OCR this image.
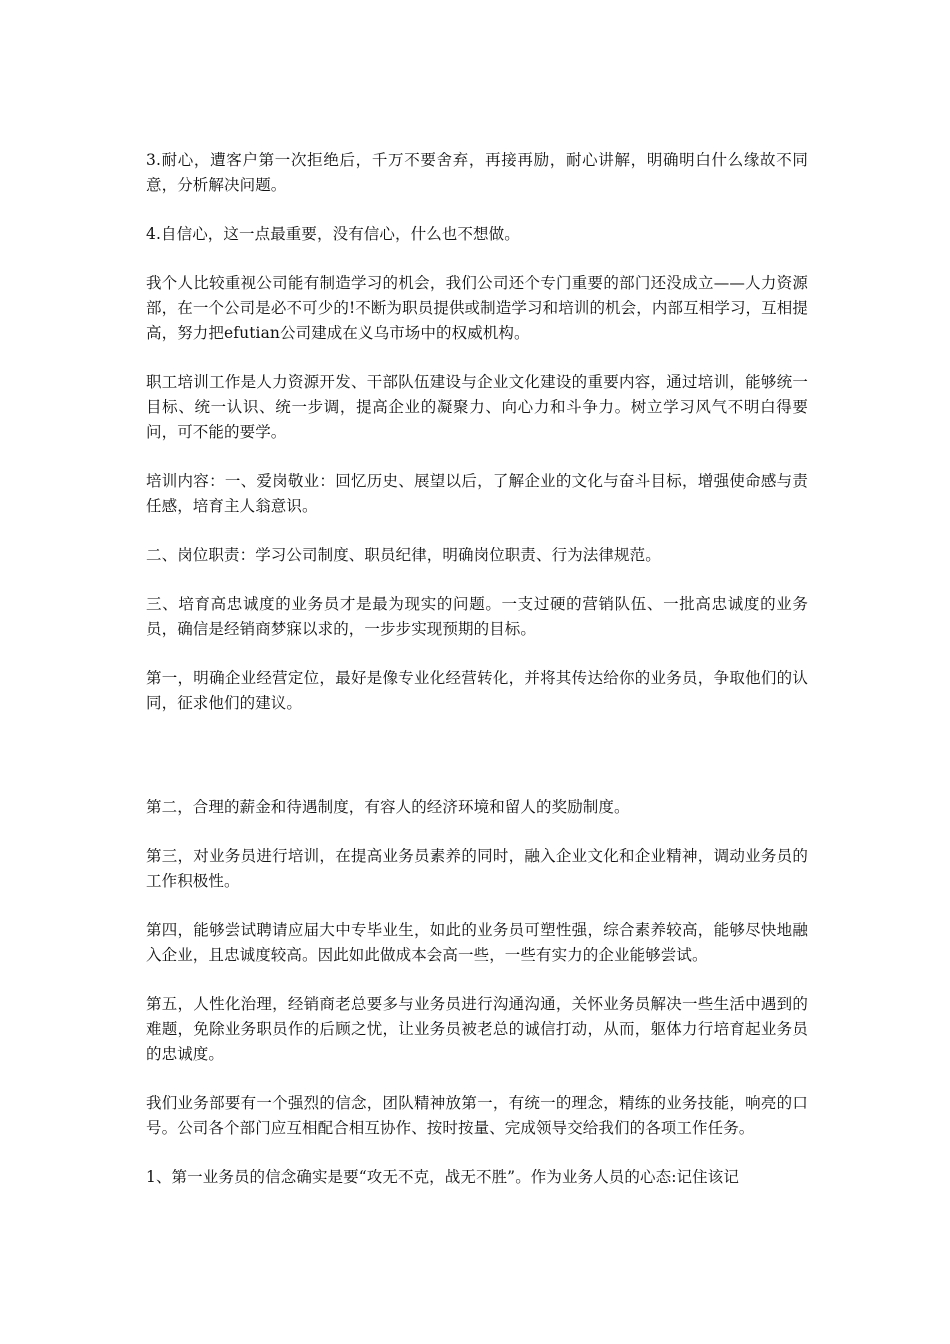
3.耐心，遭客户第一次拒绝后，千万不要舍弃，再接再励，耐心讲解，明确明白什么缘故不同意，分析解决问题。

4.自信心，这一点最重要，没有信心，什么也不想做。

我个人比较重视公司能有制造学习的机会，我们公司还个专门重要的部门还没成立——人力资源部，在一个公司是必不可少的!不断为职员提供或制造学习和培训的机会，内部互相学习，互相提高，努力把efutian公司建成在义乌市场中的权威机构。

职工培训工作是人力资源开发、干部队伍建设与企业文化建设的重要内容，通过培训，能够统一目标、统一认识、统一步调，提高企业的凝聚力、向心力和斗争力。树立学习风气不明白得要问，可不能的要学。

培训内容：一、爱岗敬业：回忆历史、展望以后，了解企业的文化与奋斗目标，增强使命感与责任感，培育主人翁意识。

二、岗位职责：学习公司制度、职员纪律，明确岗位职责、行为法律规范。

三、培育高忠诚度的业务员才是最为现实的问题。一支过硬的营销队伍、一批高忠诚度的业务员，确信是经销商梦寐以求的，一步步实现预期的目标。

第一，明确企业经营定位，最好是像专业化经营转化，并将其传达给你的业务员，争取他们的认同，征求他们的建议。

第二，合理的薪金和待遇制度，有容人的经济环境和留人的奖励制度。

第三，对业务员进行培训，在提高业务员素养的同时，融入企业文化和企业精神，调动业务员的工作积极性。

第四，能够尝试聘请应届大中专毕业生，如此的业务员可塑性强，综合素养较高，能够尽快地融入企业，且忠诚度较高。因此如此做成本会高一些，一些有实力的企业能够尝试。

第五，人性化治理，经销商老总要多与业务员进行沟通沟通，关怀业务员解决一些生活中遇到的难题，免除业务职员作的后顾之忧，让业务员被老总的诚信打动，从而，躯体力行培育起业务员的忠诚度。

我们业务部要有一个强烈的信念，团队精神放第一，有统一的理念，精练的业务技能，响亮的口号。公司各个部门应互相配合相互协作、按时按量、完成领导交给我们的各项工作任务。

1、第一业务员的信念确实是要“攻无不克，战无不胜”。作为业务人员的心态:记住该记
